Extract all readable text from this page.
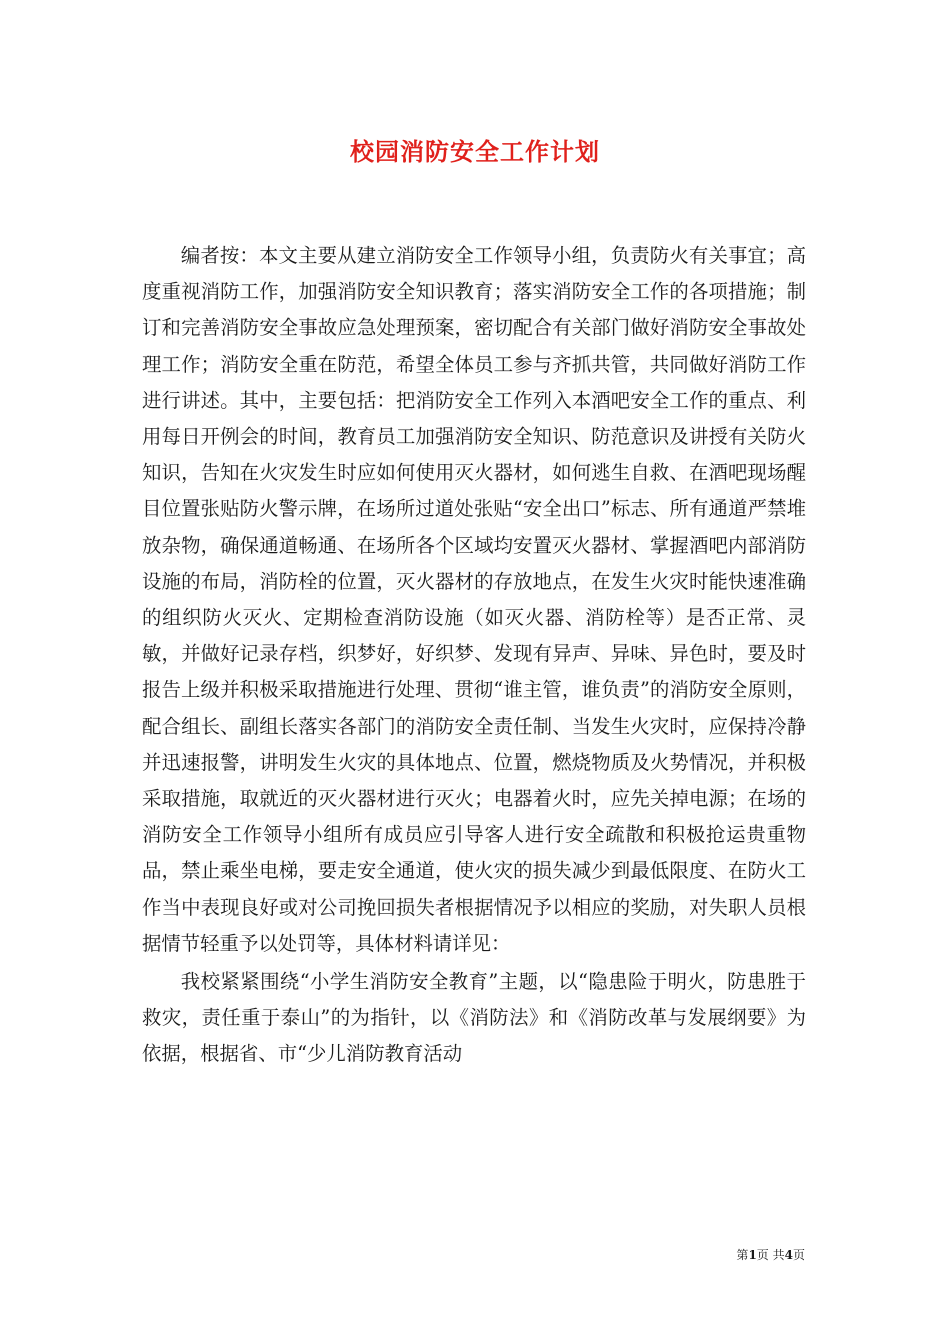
校园消防安全工作计划

编者按：本文主要从建立消防安全工作领导小组，负责防火有关事宜；高度重视消防工作，加强消防安全知识教育；落实消防安全工作的各项措施；制订和完善消防安全事故应急处理预案，密切配合有关部门做好消防安全事故处理工作；消防安全重在防范，希望全体员工参与齐抓共管，共同做好消防工作进行讲述。其中，主要包括：把消防安全工作列入本酒吧安全工作的重点、利用每日开例会的时间，教育员工加强消防安全知识、防范意识及讲授有关防火知识，告知在火灾发生时应如何使用灭火器材，如何逃生自救、在酒吧现场醒目位置张贴防火警示牌，在场所过道处张贴“安全出口”标志、所有通道严禁堆放杂物，确保通道畅通、在场所各个区域均安置灭火器材、掌握酒吧内部消防设施的布局，消防栓的位置，灭火器材的存放地点，在发生火灾时能快速准确的组织防火灭火、定期检查消防设施（如灭火器、消防栓等）是否正常、灵敏，并做好记录存档，织梦好，好织梦、发现有异声、异味、异色时，要及时报告上级并积极采取措施进行处理、贯彻“谁主管，谁负责”的消防安全原则，配合组长、副组长落实各部门的消防安全责任制、当发生火灾时，应保持冷静并迅速报警，讲明发生火灾的具体地点、位置，燃烧物质及火势情况，并积极采取措施，取就近的灭火器材进行灭火；电器着火时，应先关掉电源；在场的消防安全工作领导小组所有成员应引导客人进行安全疏散和积极抢运贵重物品，禁止乘坐电梯，要走安全通道，使火灾的损失减少到最低限度、在防火工作当中表现良好或对公司挽回损失者根据情况予以相应的奖励，对失职人员根据情节轻重予以处罚等，具体材料请详见：

我校紧紧围绕“小学生消防安全教育”主题，以“隐患险于明火，防患胜于救灾，责任重于泰山”的为指针，以《消防法》和《消防改革与发展纲要》为依据，根据省、市“少儿消防教育活动

第1页 共4页
